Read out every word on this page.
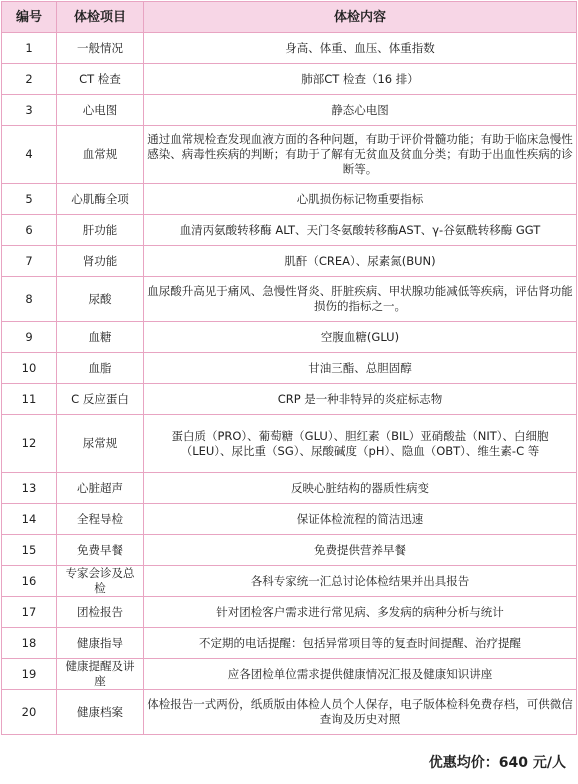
编号	体检项目	体检内容
1	一般情况	身高、体重、血压、体重指数
2	CT 检查	肺部CT 检查（16 排）
3	心电图	静态心电图
4	血常规	通过血常规检查发现血液方面的各种问题，有助于评价骨髓功能；有助于临床急慢性感染、病毒性疾病的判断；有助于了解有无贫血及贫血分类；有助于出血性疾病的诊断等。
5	心肌酶全项	心肌损伤标记物重要指标
6	肝功能	血清丙氨酸转移酶 ALT、天门冬氨酸转移酶AST、γ-谷氨酰转移酶 GGT
7	肾功能	肌酐（CREA）、尿素氮(BUN)
8	尿酸	血尿酸升高见于痛风、急慢性肾炎、肝脏疾病、甲状腺功能减低等疾病，评估肾功能损伤的指标之一。
9	血糖	空腹血糖(GLU)
10	血脂	甘油三酯、总胆固醇
11	C 反应蛋白	CRP 是一种非特异的炎症标志物
12	尿常规	蛋白质（PRO）、葡萄糖（GLU）、胆红素（BIL）亚硝酸盐（NIT）、白细胞（LEU）、尿比重（SG）、尿酸碱度（pH）、隐血（OBT）、维生素-C 等
13	心脏超声	反映心脏结构的器质性病变
14	全程导检	保证体检流程的简洁迅速
15	免费早餐	免费提供营养早餐
16	专家会诊及总检	各科专家统一汇总讨论体检结果并出具报告
17	团检报告	针对团检客户需求进行常见病、多发病的病种分析与统计
18	健康指导	不定期的电话提醒：包括异常项目等的复查时间提醒、治疗提醒
19	健康提醒及讲座	应各团检单位需求提供健康情况汇报及健康知识讲座
20	健康档案	体检报告一式两份，纸质版由体检人员个人保存，电子版体检科免费存档，可供微信查询及历史对照
优惠均价：640 元/人
